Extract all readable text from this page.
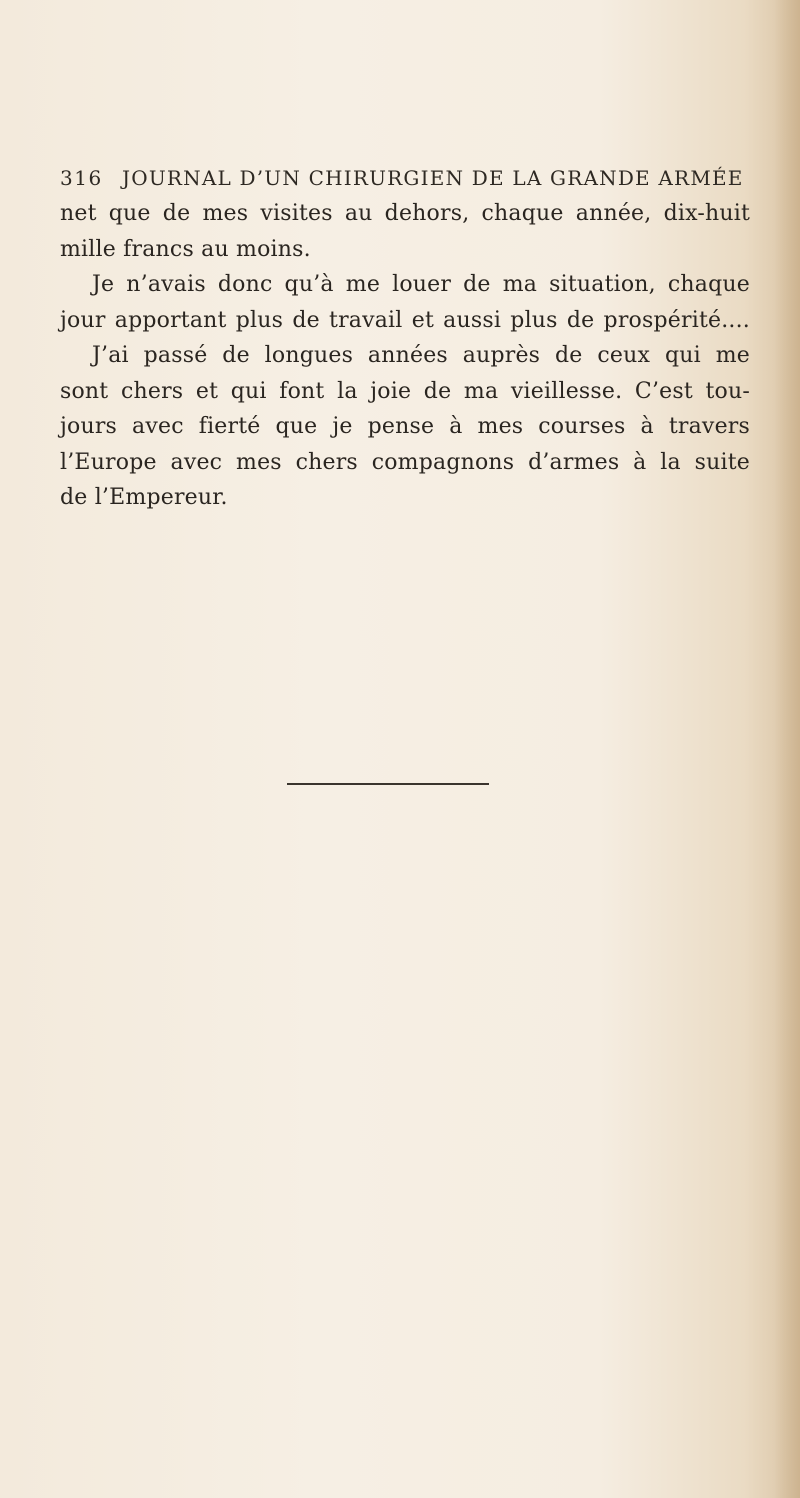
316 JOURNAL D’UN CHIRURGIEN DE LA GRANDE ARMÉE
net que de mes visites au dehors, chaque année, dix-huit
mille francs au moins.
Je n’avais donc qu’à me louer de ma situation, chaque
jour apportant plus de travail et aussi plus de prospérité....
J’ai passé de longues années auprès de ceux qui me
sont chers et qui font la joie de ma vieillesse. C’est tou-
jours avec fierté que je pense à mes courses à travers
l’Europe avec mes chers compagnons d’armes à la suite
de l’Empereur.
